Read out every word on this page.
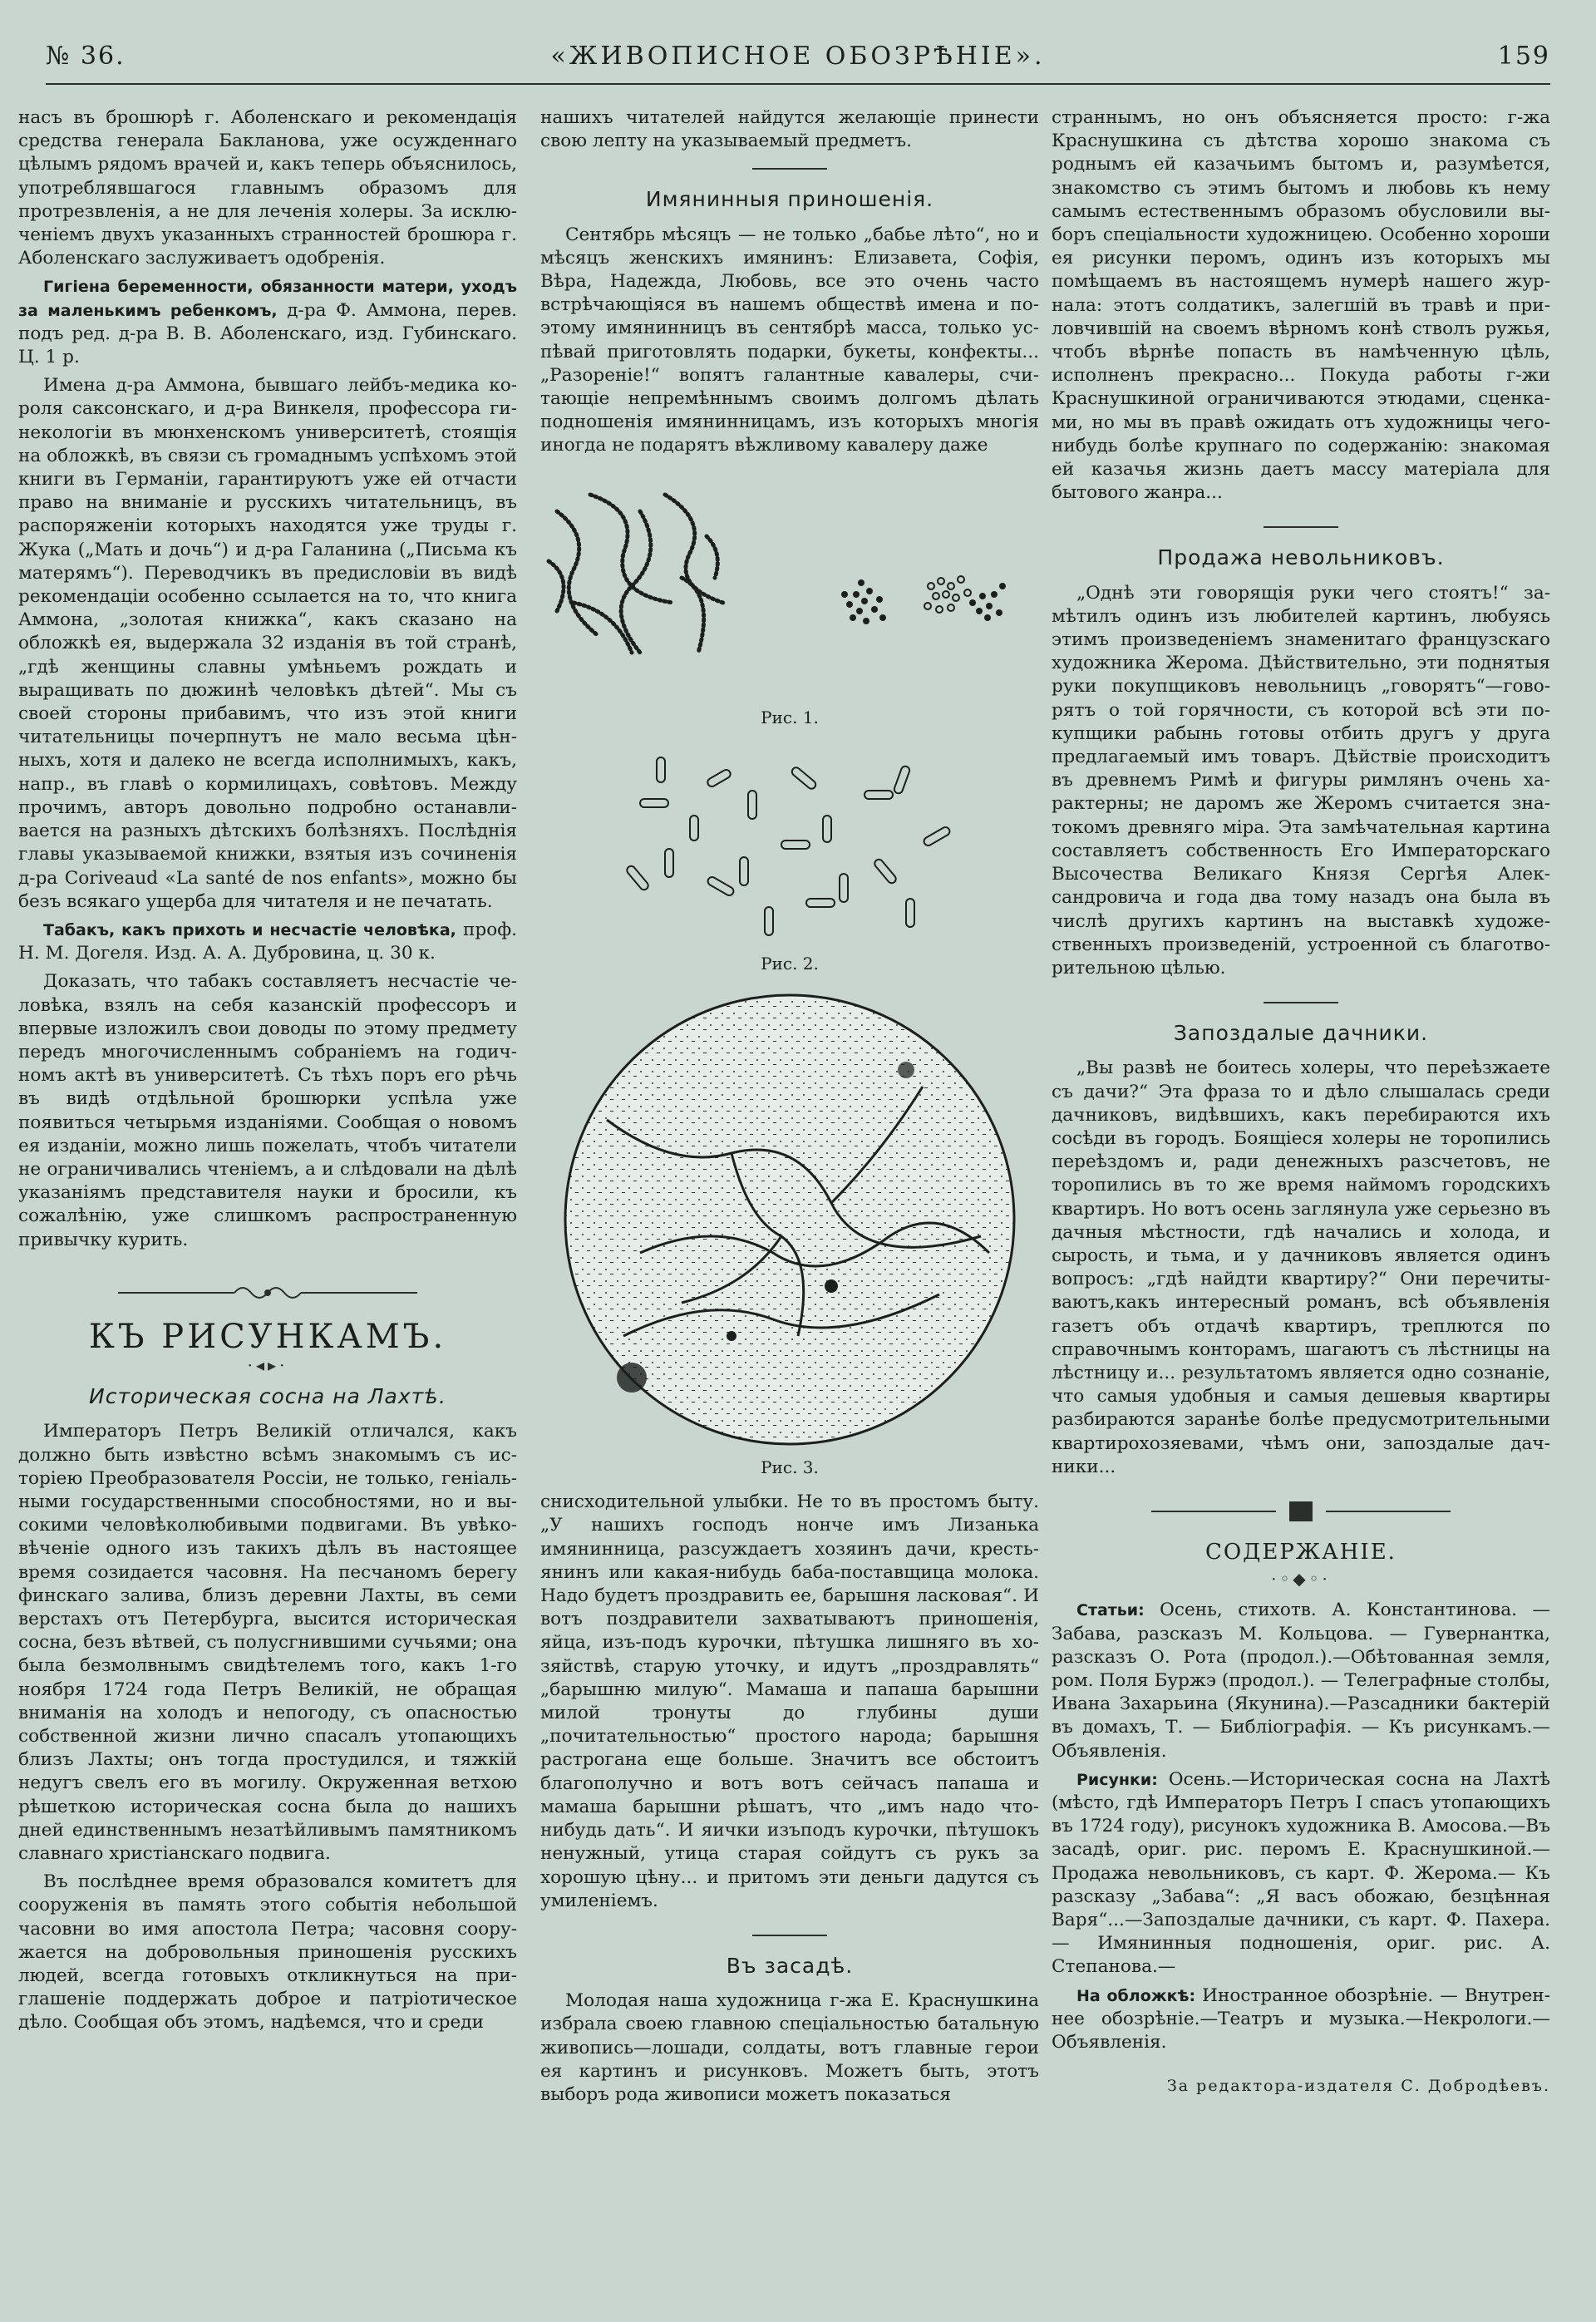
№ 36.	«ЖИВОПИСНОЕ ОБОЗРѢНІЕ».	159

насъ въ брошюрѣ г. Аболенскаго и рекомендація средства генерала Бакланова, уже осужденнаго цѣлымъ рядомъ врачей и, какъ теперь объяснилось, употреблявшагося главнымъ образомъ для протрезвленія, а не для леченія холеры. За исключеніемъ двухъ указанныхъ странностей брошюра г. Аболенскаго заслуживаетъ одобренія.

Гигіена беременности, обязанности матери, уходъ за маленькимъ ребенкомъ, д-ра Ф. Аммона, перев. подъ ред. д-ра В. В. Аболенскаго, изд. Губинскаго. Ц. 1 р.

Имена д-ра Аммона, бывшаго лейбъ-медика короля саксонскаго, и д-ра Винкеля, профессора гинекологіи въ мюнхенскомъ университетѣ, стоящія на обложкѣ, въ связи съ громаднымъ успѣхомъ этой книги въ Германіи, гарантируютъ уже ей отчасти право на вниманіе и русскихъ читательницъ, въ распоряженіи которыхъ находятся уже труды г. Жука („Мать и дочь“) и д-ра Галанина („Письма къ матерямъ“). Переводчикъ въ предисловіи въ видѣ рекомендаціи особенно ссылается на то, что книга Аммона, „золотая книжка“, какъ сказано на обложкѣ ея, выдержала 32 изданія въ той странѣ, „гдѣ женщины славны умѣньемъ рождать и выращивать по дюжинѣ человѣкъ дѣтей“. Мы съ своей стороны прибавимъ, что изъ этой книги читательницы почерпнутъ не мало весьма цѣнныхъ, хотя и далеко не всегда исполнимыхъ, какъ, напр., въ главѣ о кормилицахъ, совѣтовъ. Между прочимъ, авторъ довольно подробно останавливается на разныхъ дѣтскихъ болѣзняхъ. Послѣднія главы указываемой книжки, взятыя изъ сочиненія д-ра Coriveaud «La santé de nos enfants», можно бы безъ всякаго ущерба для читателя и не печатать.

Табакъ, какъ прихоть и несчастіе человѣка, проф. Н. М. Догеля. Изд. А. А. Дубровина, ц. 30 к.

Доказать, что табакъ составляетъ несчастіе человѣка, взялъ на себя казанскій профессоръ и впервые изложилъ свои доводы по этому предмету передъ многочисленнымъ собраніемъ на годичномъ актѣ въ университетѣ. Съ тѣхъ поръ его рѣчь въ видѣ отдѣльной брошюрки успѣла уже появиться четырьмя изданіями. Сообщая о новомъ ея изданіи, можно лишь пожелать, чтобъ читатели не ограничивались чтеніемъ, а и слѣдовали на дѣлѣ указаніямъ представителя науки и бросили, къ сожалѣнію, уже слишкомъ распространенную привычку курить.

КЪ РИСУНКАМЪ.
·◂▸·
Историческая сосна на Лахтѣ.

Императоръ Петръ Великій отличался, какъ должно быть извѣстно всѣмъ знакомымъ съ исторіею Преобразователя Россіи, не только, геніальными государственными способностями, но и высокими человѣколюбивыми подвигами. Въ увѣковѣченіе одного изъ такихъ дѣлъ въ настоящее время созидается часовня. На песчаномъ берегу финскаго залива, близъ деревни Лахты, въ семи верстахъ отъ Петербурга, высится историческая сосна, безъ вѣтвей, съ полусгнившими сучьями; она была безмолвнымъ свидѣтелемъ того, какъ 1-го ноября 1724 года Петръ Великій, не обращая вниманія на холодъ и непогоду, съ опасностью собственной жизни лично спасалъ утопающихъ близъ Лахты; онъ тогда простудился, и тяжкій недугъ свелъ его въ могилу. Окруженная ветхою рѣшеткою историческая сосна была до нашихъ дней единственнымъ незатѣйливымъ памятникомъ славнаго христіанскаго подвига.

Въ послѣднее время образовался комитетъ для сооруженія въ память этого событія небольшой часовни во имя апостола Петра; часовня сооружается на добровольныя приношенія русскихъ людей, всегда готовыхъ откликнуться на приглашеніе поддержать доброе и патріотическое дѣло. Сообщая объ этомъ, надѣемся, что и среди

нашихъ читателей найдутся желающіе принести свою лепту на указываемый предметъ.

Имянинныя приношенія.

Сентябрь мѣсяцъ — не только „бабье лѣто“, но и мѣсяцъ женскихъ имянинъ: Елизавета, Софія, Вѣра, Надежда, Любовь, все это очень часто встрѣчающіяся въ нашемъ обществѣ имена и поэтому имянинницъ въ сентябрѣ масса, только успѣвай приготовлять подарки, букеты, конфекты... „Разореніе!“ вопятъ галантные кавалеры, считающіе непремѣннымъ своимъ долгомъ дѣлать подношенія имянинницамъ, изъ которыхъ многія иногда не подарятъ вѣжливому кавалеру даже

Рис. 1.
Рис. 2.
Рис. 3.

снисходительной улыбки. Не то въ простомъ быту. „У нашихъ господъ нонче имъ Лизанька имянинница, разсуждаетъ хозяинъ дачи, крестьянинъ или какая-нибудь баба-поставщица молока. Надо будетъ проздравить ее, барышня ласковая“. И вотъ поздравители захватываютъ приношенія, яйца, изъ-подъ курочки, пѣтушка лишняго въ хозяйствѣ, старую уточку, и идутъ „проздравлять“ „барышню милую“. Мамаша и папаша барышни милой тронуты до глубины души „почитательностью“ простого народа; барышня растрогана еще больше. Значитъ все обстоитъ благополучно и вотъ вотъ сейчасъ папаша и мамаша барышни рѣшатъ, что „имъ надо что-нибудь дать“. И яички изъподъ курочки, пѣтушокъ ненужный, утица старая сойдутъ съ рукъ за хорошую цѣну... и притомъ эти деньги дадутся съ умиленіемъ.

Въ засадѣ.

Молодая наша художница г-жа Е. Краснушкина избрала своею главною спеціальностью батальную живопись—лошади, солдаты, вотъ главные герои ея картинъ и рисунковъ. Можетъ быть, этотъ выборъ рода живописи можетъ показаться

страннымъ, но онъ объясняется просто: г-жа Краснушкина съ дѣтства хорошо знакома съ роднымъ ей казачьимъ бытомъ и, разумѣется, знакомство съ этимъ бытомъ и любовь къ нему самымъ естественнымъ образомъ обусловили выборъ спеціальности художницею. Особенно хороши ея рисунки перомъ, одинъ изъ которыхъ мы помѣщаемъ въ настоящемъ нумерѣ нашего журнала: этотъ солдатикъ, залегшій въ травѣ и приловчившій на своемъ вѣрномъ конѣ стволъ ружья, чтобъ вѣрнѣе попасть въ намѣченную цѣль, исполненъ прекрасно... Покуда работы г-жи Краснушкиной ограничиваются этюдами, сценками, но мы въ правѣ ожидать отъ художницы чего-нибудь болѣе крупнаго по содержанію: знакомая ей казачья жизнь даетъ массу матеріала для бытового жанра...

Продажа невольниковъ.

„Однѣ эти говорящія руки чего стоятъ!“ замѣтилъ одинъ изъ любителей картинъ, любуясь этимъ произведеніемъ знаменитаго французскаго художника Жерома. Дѣйствительно, эти поднятыя руки покупщиковъ невольницъ „говорятъ“—говорятъ о той горячности, съ которой всѣ эти покупщики рабынь готовы отбить другъ у друга предлагаемый имъ товаръ. Дѣйствіе происходитъ въ древнемъ Римѣ и фигуры римлянъ очень характерны; не даромъ же Жеромъ считается знатокомъ древняго міра. Эта замѣчательная картина составляетъ собственность Его Императорскаго Высочества Великаго Князя Сергѣя Александровича и года два тому назадъ она была въ числѣ другихъ картинъ на выставкѣ художественныхъ произведеній, устроенной съ благотворительною цѣлью.

Запоздалые дачники.

„Вы развѣ не боитесь холеры, что переѣзжаете съ дачи?“ Эта фраза то и дѣло слышалась среди дачниковъ, видѣвшихъ, какъ перебираются ихъ сосѣди въ городъ. Боящіеся холеры не торопились переѣздомъ и, ради денежныхъ разсчетовъ, не торопились въ то же время наймомъ городскихъ квартиръ. Но вотъ осень заглянула уже серьезно въ дачныя мѣстности, гдѣ начались и холода, и сырость, и тьма, и у дачниковъ является одинъ вопросъ: „гдѣ найдти квартиру?“ Они перечитываютъ,какъ интересный романъ, всѣ объявленія газетъ объ отдачѣ квартиръ, треплются по справочнымъ конторамъ, шагаютъ съ лѣстницы на лѣстницу и... результатомъ является одно сознаніе, что самыя удобныя и самыя дешевыя квартиры разбираются заранѣе болѣе предусмотрительными квартирохозяевами, чѣмъ они, запоздалые дачники...

СОДЕРЖАНІЕ.
·◦◆◦·

Статьи: Осень, стихотв. А. Константинова. — Забава, разсказъ М. Кольцова. — Гувернантка, разсказъ О. Рота (продол.).—Обѣтованная земля, ром. Поля Буржэ (продол.). — Телеграфные столбы, Ивана Захарьина (Якунина).—Разсадники бактерій въ домахъ, Т. — Библіографія. — Къ рисункамъ.—Объявленія.

Рисунки: Осень.—Историческая сосна на Лахтѣ (мѣсто, гдѣ Императоръ Петръ I спасъ утопающихъ въ 1724 году), рисунокъ художника В. Амосова.—Въ засадѣ, ориг. рис. перомъ Е. Краснушкиной.—Продажа невольниковъ, съ карт. Ф. Жерома.— Къ разсказу „Забава“: „Я васъ обожаю, безцѣнная Варя“...—Запоздалые дачники, съ карт. Ф. Пахера.— Имянинныя подношенія, ориг. рис. А. Степанова.—

На обложкѣ: Иностранное обозрѣніе. — Внутреннее обозрѣніе.—Театръ и музыка.—Некрологи.— Объявленія.

За редактора-издателя С. Добродѣевъ.
